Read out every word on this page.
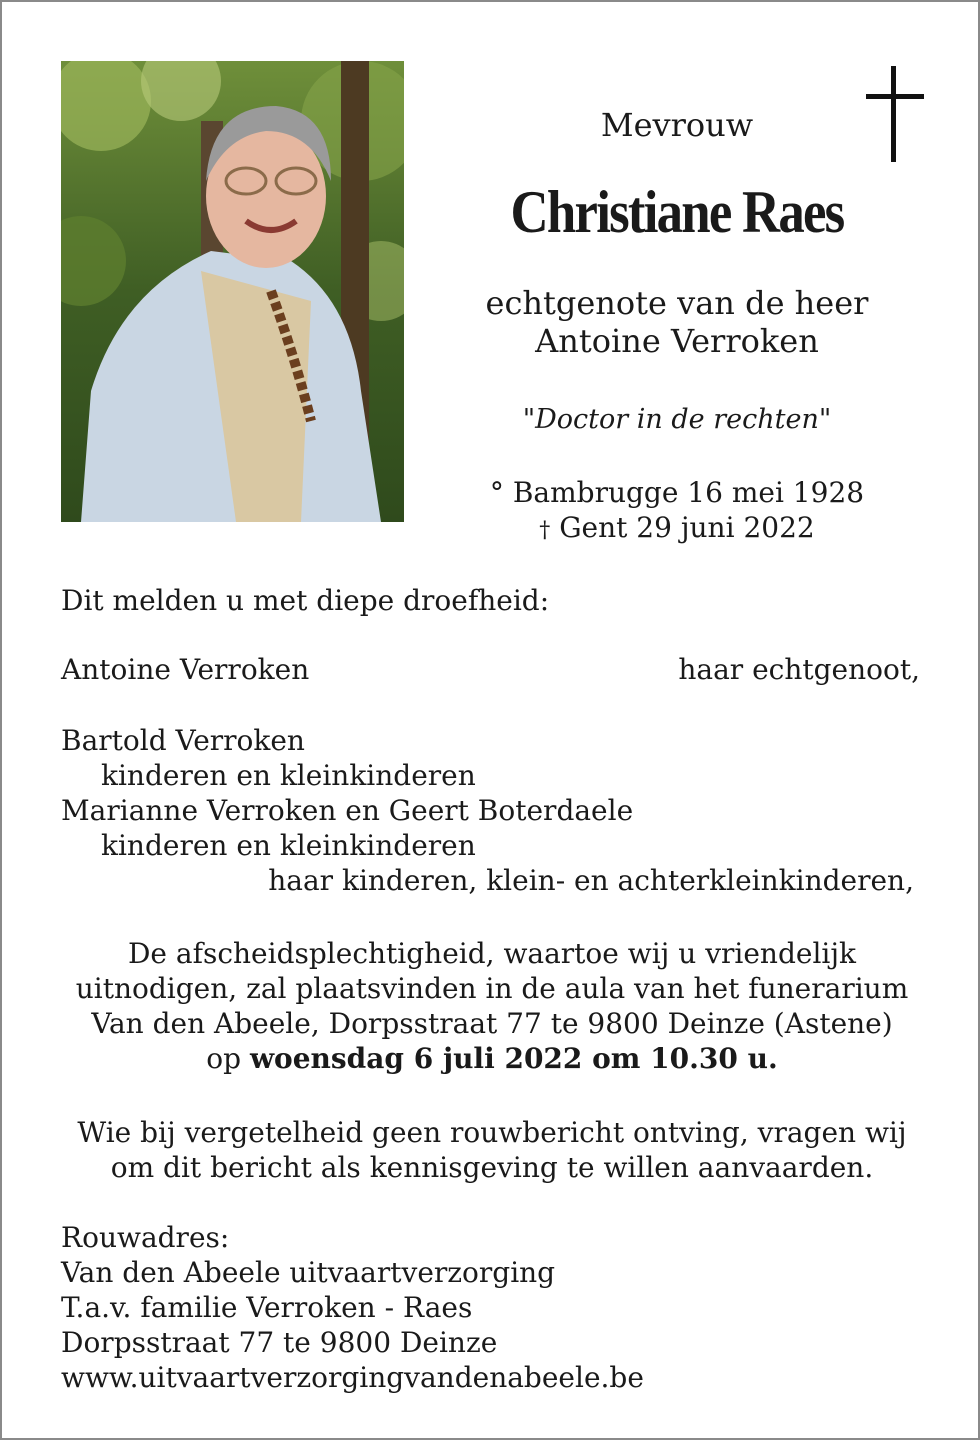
Mevrouw
Christiane Raes
echtgenote van de heer
Antoine Verroken
"Doctor in de rechten"
° Bambrugge 16 mei 1928
† Gent 29 juni 2022
Dit melden u met diepe droefheid:
Antoine Verroken	haar echtgenoot,
Bartold Verroken
kinderen en kleinkinderen
Marianne Verroken en Geert Boterdaele
kinderen en kleinkinderen
haar kinderen, klein- en achterkleinkinderen,
De afscheidsplechtigheid, waartoe wij u vriendelijk
uitnodigen, zal plaatsvinden in de aula van het funerarium
Van den Abeele, Dorpsstraat 77 te 9800 Deinze (Astene)
op woensdag 6 juli 2022 om 10.30 u.
Wie bij vergetelheid geen rouwbericht ontving, vragen wij
om dit bericht als kennisgeving te willen aanvaarden.
Rouwadres:
Van den Abeele uitvaartverzorging
T.a.v. familie Verroken - Raes
Dorpsstraat 77 te 9800 Deinze
www.uitvaartverzorgingvandenabeele.be
